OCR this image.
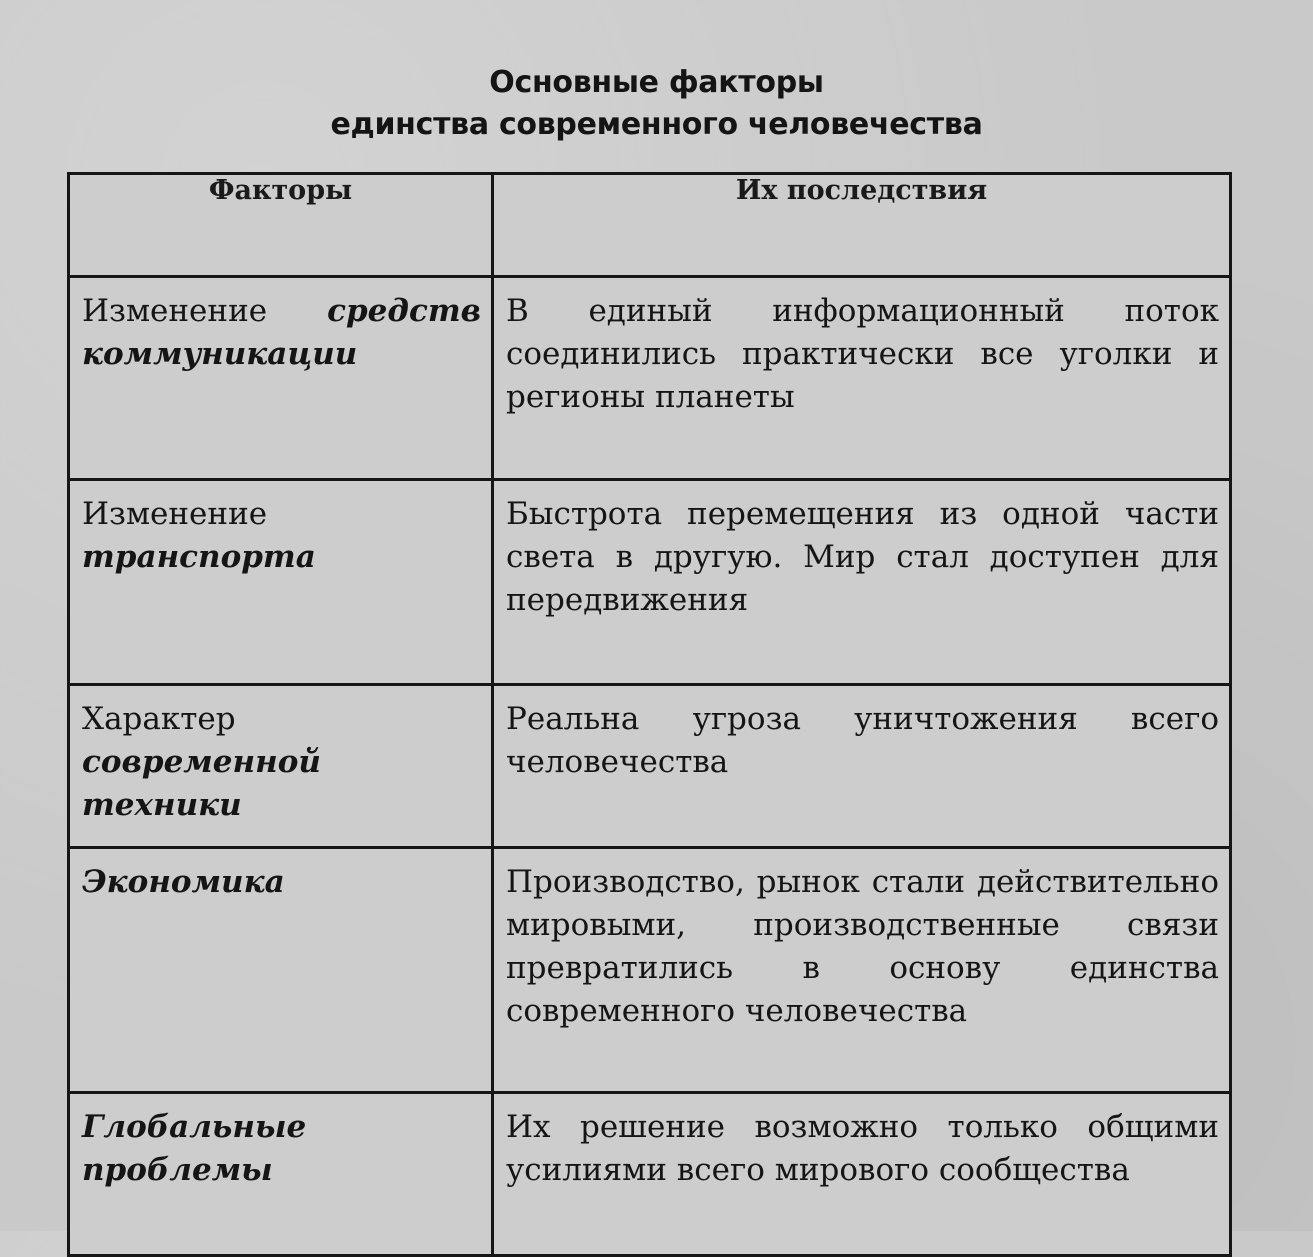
Основные факторы
единства современного человечества
Факторы	Их последствия
Изменение средств коммуникации	В единый информационный поток соединились практически все уголки и регионы планеты
Изменение транспорта	Быстрота перемещения из одной части света в другую. Мир стал доступен для передвижения
Характер современной техники	Реальна угроза уничтожения всего человечества
Экономика	Производство, рынок стали действительно мировыми, производственные связи превратились в основу единства современного человечества
Глобальные проблемы	Их решение возможно только общими усилиями всего мирового сообщества
